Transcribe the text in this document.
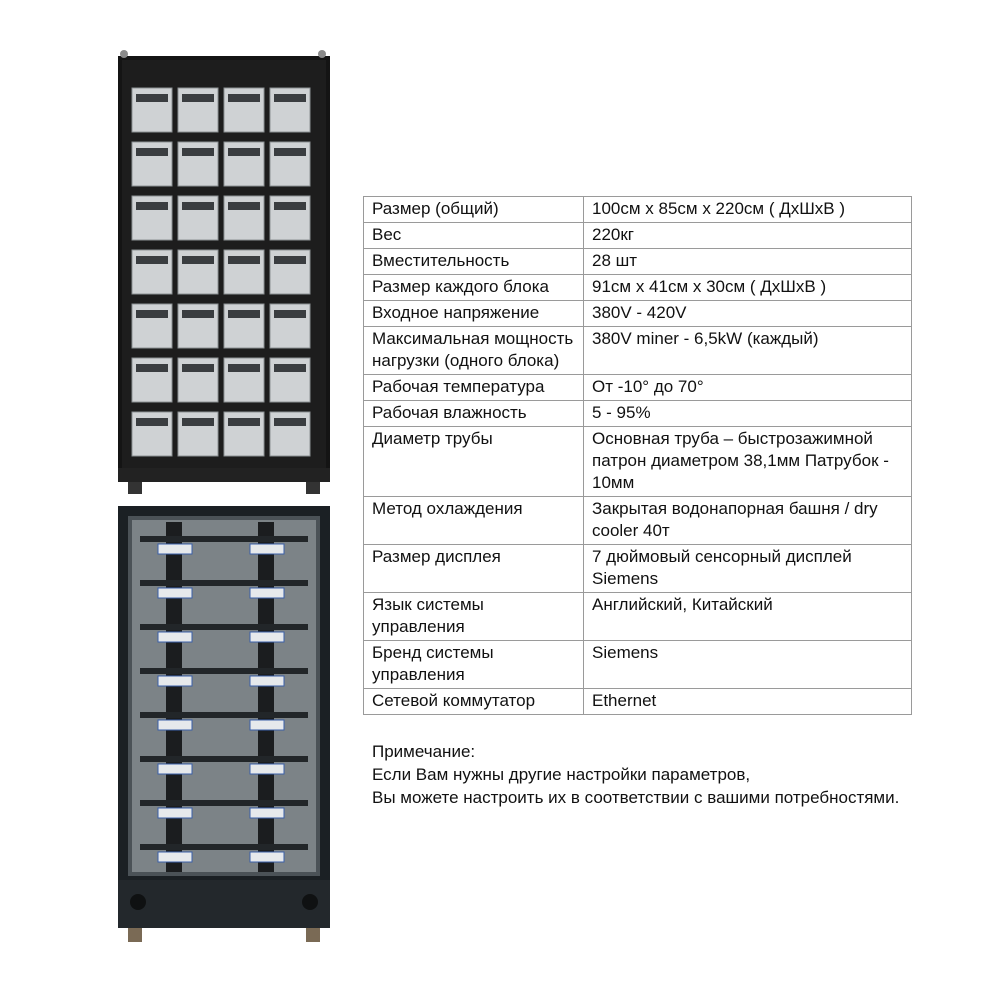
Размер (общий)	100см х 85см х 220см ( ДхШхВ )
Вес	220кг
Вместительность	28 шт
Размер каждого блока	91см х 41см х 30см ( ДхШхВ )
Входное напряжение	380V - 420V
Максимальная мощность нагрузки (одного блока)	380V miner - 6,5kW (каждый)
Рабочая температура	От -10° до 70°
Рабочая влажность	5 - 95%
Диаметр трубы	Основная труба – быстрозажимной патрон диаметром 38,1мм Патрубок - 10мм
Метод охлаждения	Закрытая водонапорная башня / dry cooler 40т
Размер дисплея	7 дюймовый сенсорный дисплей Siemens
Язык системы управления	Английский, Китайский
Бренд системы управления	Siemens
Сетевой коммутатор	Ethernet
Примечание:
Если Вам нужны другие настройки параметров,
Вы можете настроить их в соответствии с вашими потребностями.
